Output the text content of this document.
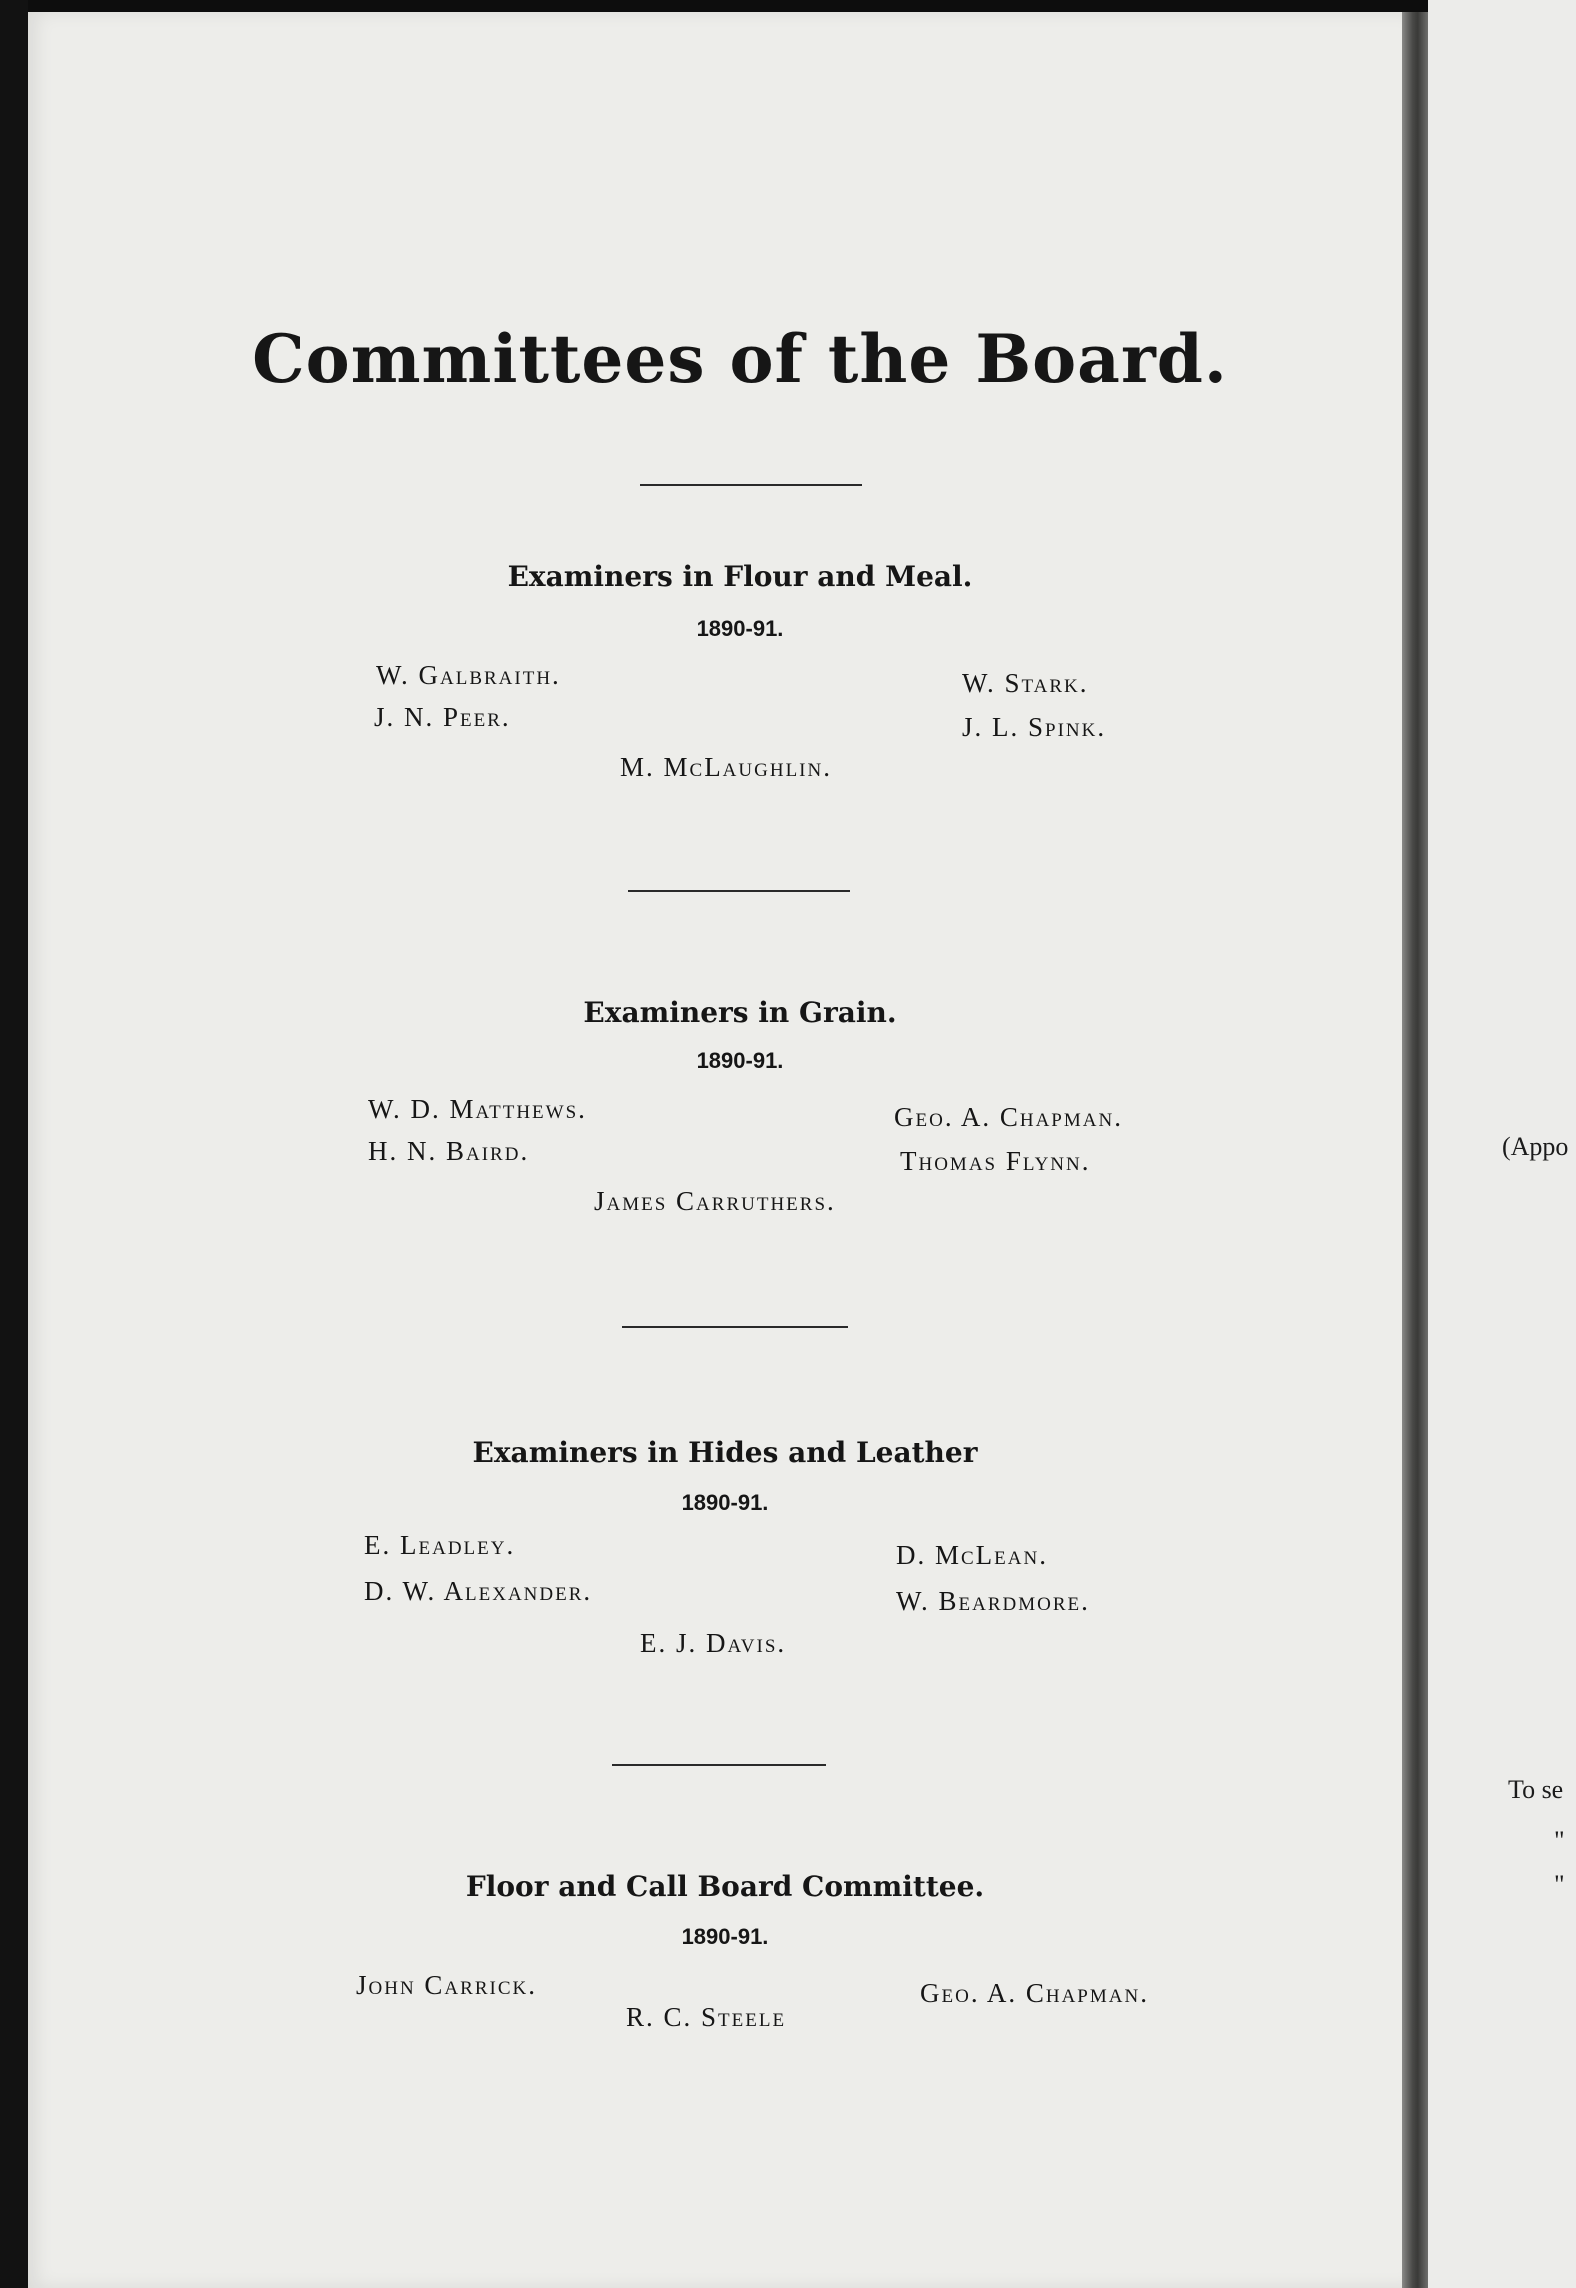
(Appo
To se
"
"
Committees of the Board.
Examiners in Flour and Meal.
1890-91.
W. Galbraith.
J. N. Peer.
W. Stark.
J. L. Spink.
M. McLaughlin.
Examiners in Grain.
1890-91.
W. D. Matthews.
H. N. Baird.
Geo. A. Chapman.
Thomas Flynn.
James Carruthers.
Examiners in Hides and Leather
1890-91.
E. Leadley.
D. W. Alexander.
D. McLean.
W. Beardmore.
E. J. Davis.
Floor and Call Board Committee.
1890-91.
John Carrick.
R. C. Steele
Geo. A. Chapman.
